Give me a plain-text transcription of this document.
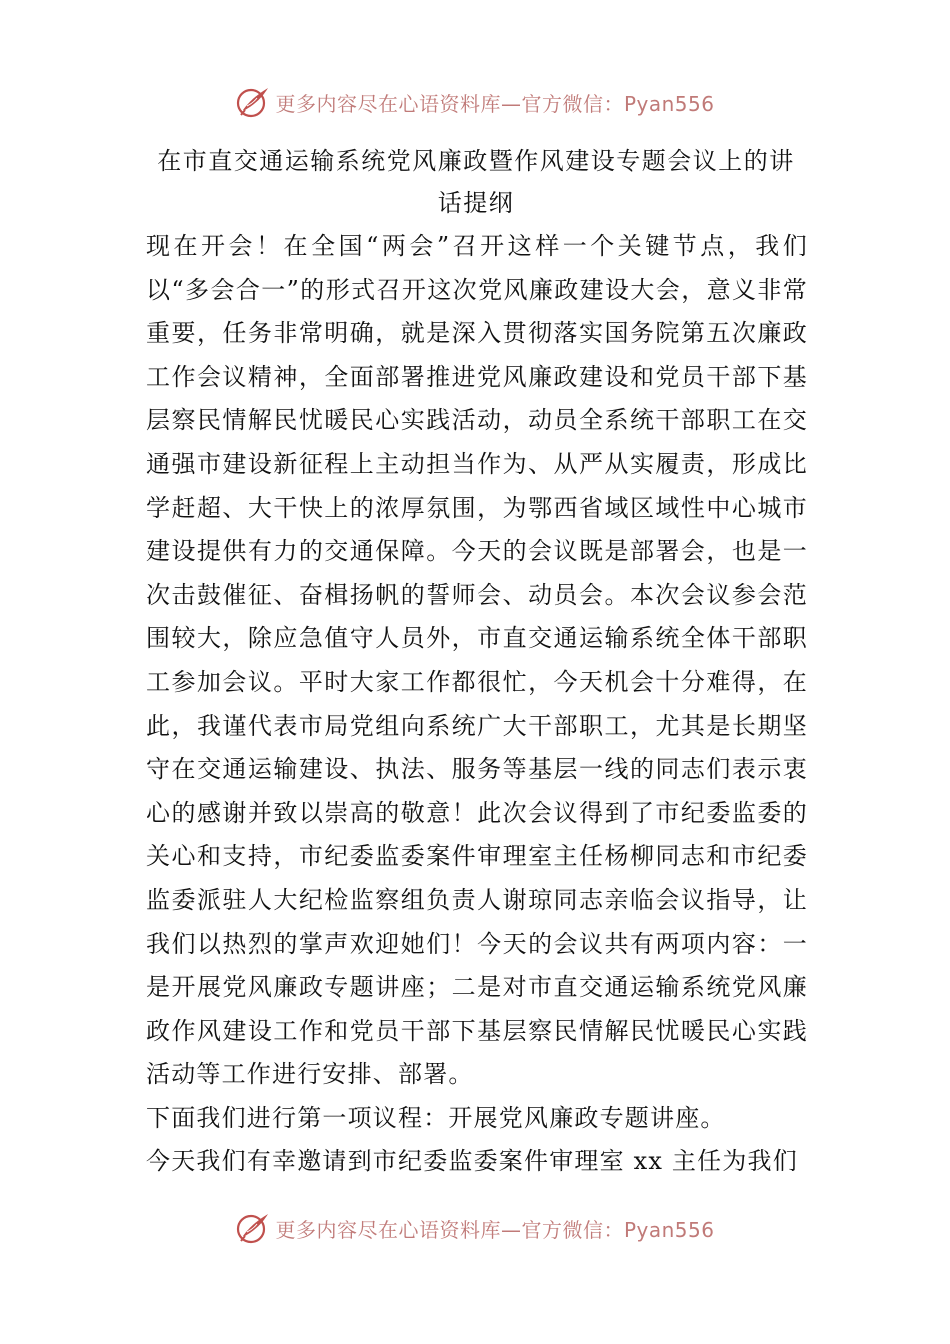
更多内容尽在心语资料库—官方微信：Pyan556
在市直交通运输系统党风廉政暨作风建设专题会议上的讲话提纲

现在开会！在全国“两会”召开这样一个关键节点，我们以“多会合一”的形式召开这次党风廉政建设大会，意义非常重要，任务非常明确，就是深入贯彻落实国务院第五次廉政工作会议精神，全面部署推进党风廉政建设和党员干部下基层察民情解民忧暖民心实践活动，动员全系统干部职工在交通强市建设新征程上主动担当作为、从严从实履责，形成比学赶超、大干快上的浓厚氛围，为鄂西省域区域性中心城市建设提供有力的交通保障。今天的会议既是部署会，也是一次击鼓催征、奋楫扬帆的誓师会、动员会。本次会议参会范围较大，除应急值守人员外，市直交通运输系统全体干部职工参加会议。平时大家工作都很忙，今天机会十分难得，在此，我谨代表市局党组向系统广大干部职工，尤其是长期坚守在交通运输建设、执法、服务等基层一线的同志们表示衷心的感谢并致以崇高的敬意！此次会议得到了市纪委监委的关心和支持，市纪委监委案件审理室主任杨柳同志和市纪委监委派驻人大纪检监察组负责人谢琼同志亲临会议指导，让我们以热烈的掌声欢迎她们！今天的会议共有两项内容：一是开展党风廉政专题讲座；二是对市直交通运输系统党风廉政作风建设工作和党员干部下基层察民情解民忧暖民心实践活动等工作进行安排、部署。

下面我们进行第一项议程：开展党风廉政专题讲座。

今天我们有幸邀请到市纪委监委案件审理室 xx 主任为我们

更多内容尽在心语资料库—官方微信：Pyan556
